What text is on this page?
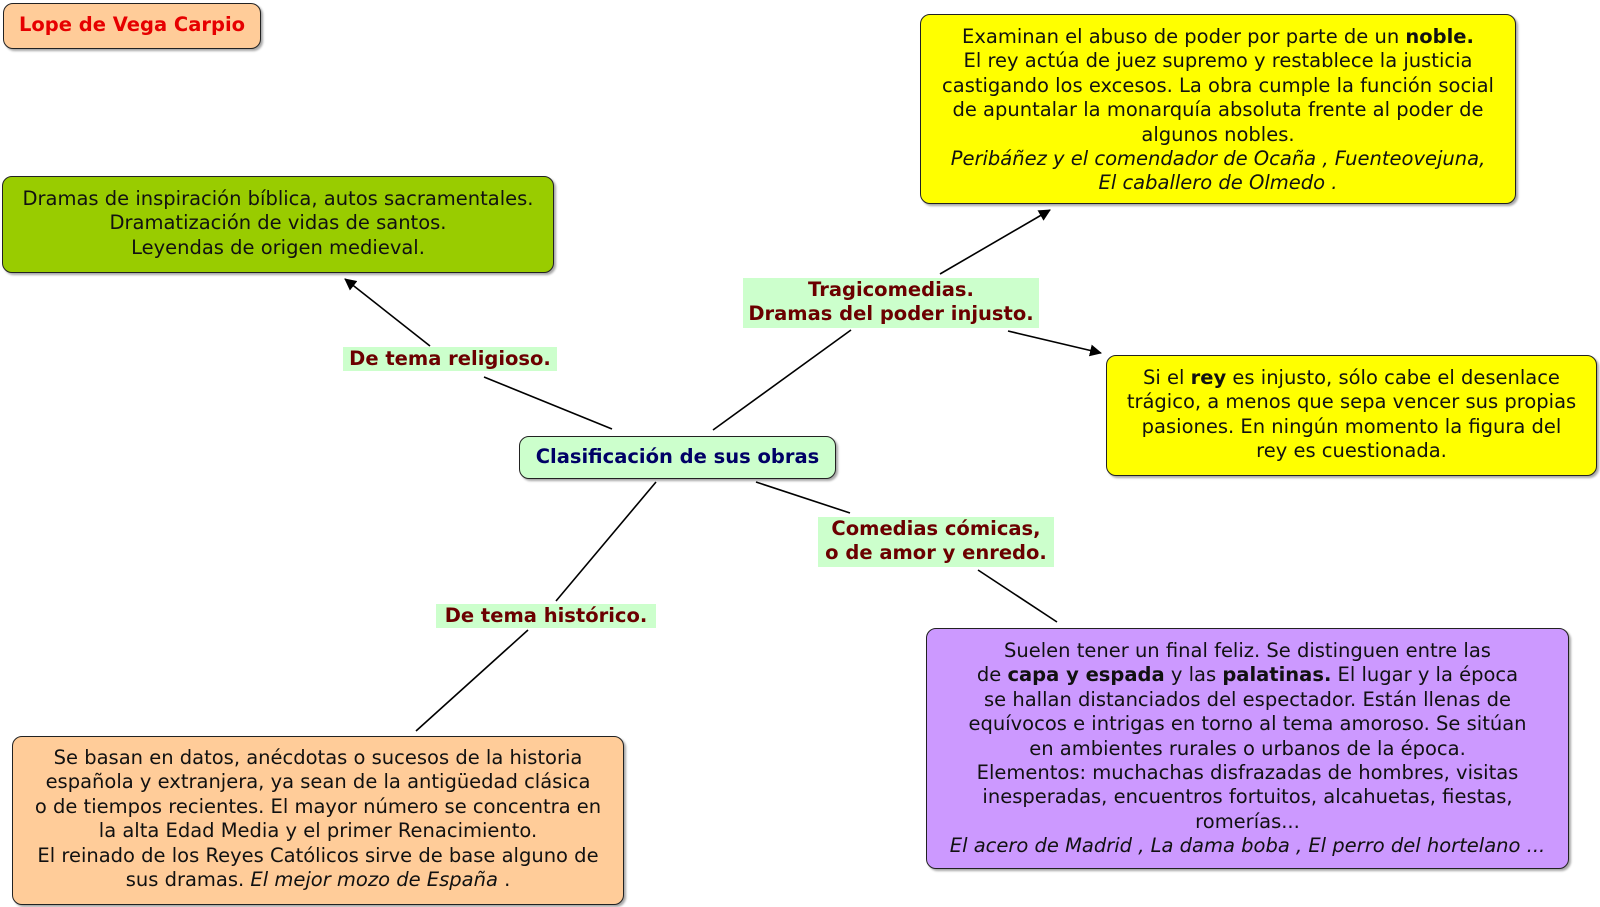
Lope de Vega Carpio

Dramas de inspiración bíblica, autos sacramentales.

Dramatización de vidas de santos.

Leyendas de origen medieval.

Examinan el abuso de poder por parte de un noble.

El rey actúa de juez supremo y restablece la justicia

castigando los excesos. La obra cumple la función social

de apuntalar la monarquía absoluta frente al poder de

algunos nobles.

Peribáñez y el comendador de Ocaña , Fuenteovejuna,

El caballero de Olmedo .

Si el rey es injusto, sólo cabe el desenlace

trágico, a menos que sepa vencer sus propias

pasiones. En ningún momento la figura del

rey es cuestionada.

Clasificación de sus obras

Suelen tener un final feliz. Se distinguen entre las

de capa y espada y las palatinas. El lugar y la época

se hallan distanciados del espectador. Están llenas de

equívocos e intrigas en torno al tema amoroso. Se sitúan

en ambientes rurales o urbanos de la época.

Elementos: muchachas disfrazadas de hombres, visitas

inesperadas, encuentros fortuitos, alcahuetas, fiestas,

romerías...

El acero de Madrid , La dama boba , El perro del hortelano ...

Se basan en datos, anécdotas o sucesos de la historia

española y extranjera, ya sean de la antigüedad clásica

o de tiempos recientes. El mayor número se concentra en

la alta Edad Media y el primer Renacimiento.

El reinado de los Reyes Católicos sirve de base alguno de

sus dramas. El mejor mozo de España .

De tema religioso.
Tragicomedias.
Dramas del poder injusto.
Comedias cómicas,
o de amor y enredo.
De tema histórico.
